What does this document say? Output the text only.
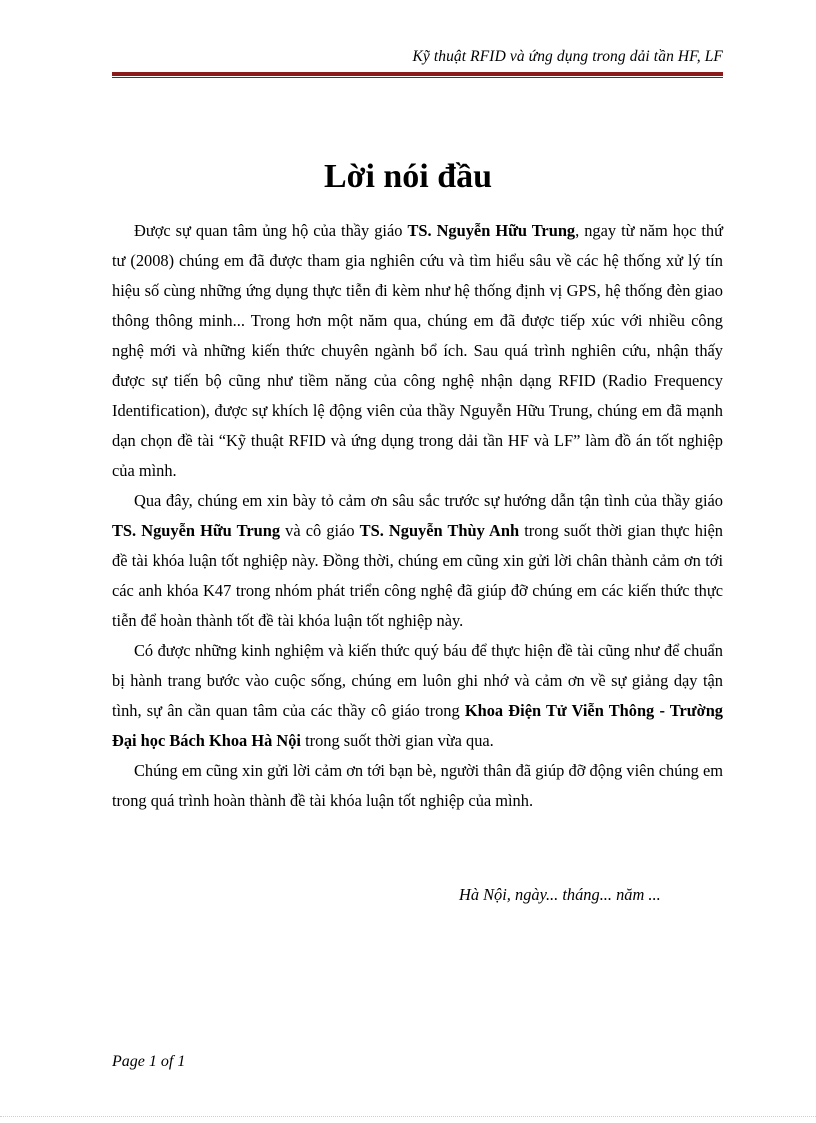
Kỹ thuật RFID và ứng dụng trong dải tần HF, LF
Lời nói đầu

Được sự quan tâm ủng hộ của thầy giáo TS. Nguyễn Hữu Trung, ngay từ năm học thứ tư (2008) chúng em đã được tham gia nghiên cứu và tìm hiểu sâu về các hệ thống xử lý tín hiệu số cùng những ứng dụng thực tiễn đi kèm như hệ thống định vị GPS, hệ thống đèn giao thông thông minh... Trong hơn một năm qua, chúng em đã được tiếp xúc với nhiều công nghệ mới và những kiến thức chuyên ngành bổ ích. Sau quá trình nghiên cứu, nhận thấy được sự tiến bộ cũng như tiềm năng của công nghệ nhận dạng RFID (Radio Frequency Identification), được sự khích lệ động viên của thầy Nguyễn Hữu Trung, chúng em đã mạnh dạn chọn đề tài “Kỹ thuật RFID và ứng dụng trong dải tần HF và LF” làm đồ án tốt nghiệp của mình.

Qua đây, chúng em xin bày tỏ cảm ơn sâu sắc trước sự hướng dẫn tận tình của thầy giáo TS. Nguyễn Hữu Trung và cô giáo TS. Nguyễn Thùy Anh trong suốt thời gian thực hiện đề tài khóa luận tốt nghiệp này. Đồng thời, chúng em cũng xin gửi lời chân thành cảm ơn tới các anh khóa K47 trong nhóm phát triển công nghệ đã giúp đỡ chúng em các kiến thức thực tiễn để hoàn thành tốt đề tài khóa luận tốt nghiệp này.

Có được những kinh nghiệm và kiến thức quý báu để thực hiện đề tài cũng như để chuẩn bị hành trang bước vào cuộc sống, chúng em luôn ghi nhớ và cảm ơn về sự giảng dạy tận tình, sự ân cần quan tâm của các thầy cô giáo trong Khoa Điện Tử Viễn Thông - Trường Đại học Bách Khoa Hà Nội trong suốt thời gian vừa qua.

Chúng em cũng xin gửi lời cảm ơn tới bạn bè, người thân đã giúp đỡ động viên chúng em trong quá trình hoàn thành đề tài khóa luận tốt nghiệp của mình.

Hà Nội, ngày... tháng... năm ...
Page 1 of 1
